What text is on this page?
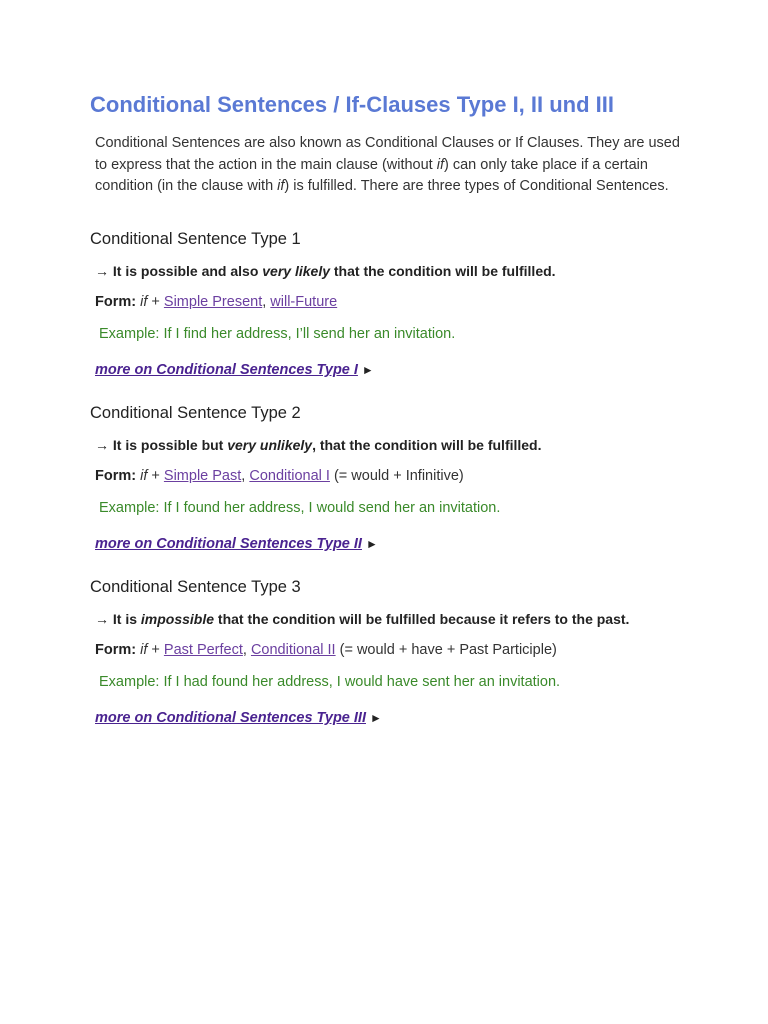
Conditional Sentences / If-Clauses Type I, II und III

Conditional Sentences are also known as Conditional Clauses or If Clauses. They are used to express that the action in the main clause (without if) can only take place if a certain condition (in the clause with if) is fulfilled. There are three types of Conditional Sentences.

Conditional Sentence Type 1

→ It is possible and also very likely that the condition will be fulfilled.

Form: if + Simple Present, will-Future

Example: If I find her address, I’ll send her an invitation.

more on Conditional Sentences Type I ►

Conditional Sentence Type 2

→ It is possible but very unlikely, that the condition will be fulfilled.

Form: if + Simple Past, Conditional I (= would + Infinitive)

Example: If I found her address, I would send her an invitation.

more on Conditional Sentences Type II ►

Conditional Sentence Type 3

→ It is impossible that the condition will be fulfilled because it refers to the past.

Form: if + Past Perfect, Conditional II (= would + have + Past Participle)

Example: If I had found her address, I would have sent her an invitation.

more on Conditional Sentences Type III ►
